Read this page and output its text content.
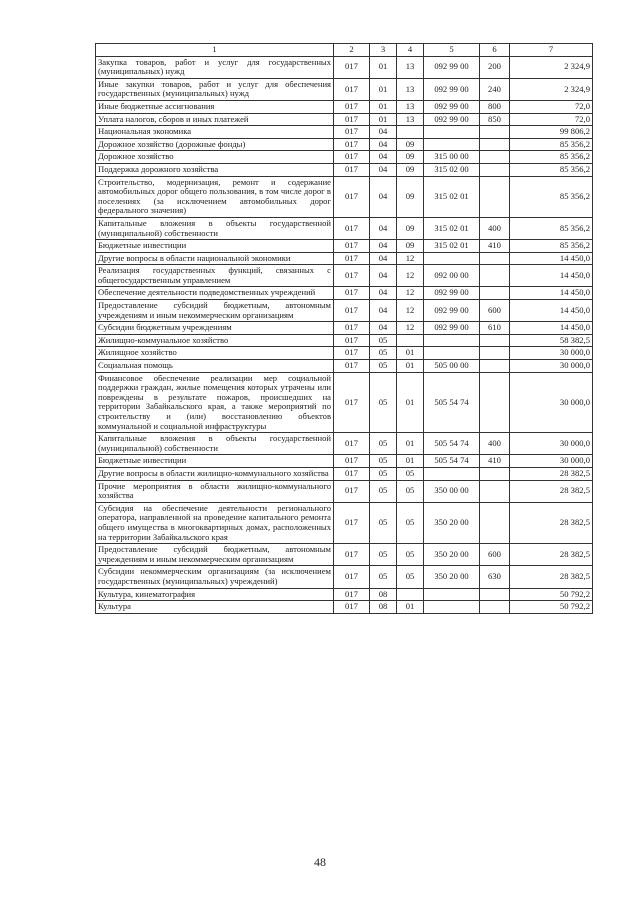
1	2	3	4	5	6	7
Закупка товаров, работ и услуг для государственных (муниципальных) нужд	017	01	13	092 99 00	200	2 324,9
Иные закупки товаров, работ и услуг для обеспечения государственных (муниципальных) нужд	017	01	13	092 99 00	240	2 324,9
Иные бюджетные ассигнования	017	01	13	092 99 00	800	72,0
Уплата налогов, сборов и иных платежей	017	01	13	092 99 00	850	72,0
Национальная экономика	017	04				99 806,2
Дорожное хозяйство (дорожные фонды)	017	04	09			85 356,2
Дорожное хозяйство	017	04	09	315 00 00		85 356,2
Поддержка дорожного хозяйства	017	04	09	315 02 00		85 356,2
Строительство, модернизация, ремонт и содержание автомобильных дорог общего пользования, в том числе дорог в поселениях (за исключением автомобильных дорог федерального значения)	017	04	09	315 02 01		85 356,2
Капитальные вложения в объекты государственной (муниципальной) собственности	017	04	09	315 02 01	400	85 356,2
Бюджетные инвестиции	017	04	09	315 02 01	410	85 356,2
Другие вопросы в области национальной экономики	017	04	12			14 450,0
Реализация государственных функций, связанных с общегосударственным управлением	017	04	12	092 00 00		14 450,0
Обеспечение деятельности подведомственных учреждений	017	04	12	092 99 00		14 450,0
Предоставление субсидий бюджетным, автономным учреждениям и иным некоммерческим организациям	017	04	12	092 99 00	600	14 450,0
Субсидии бюджетным учреждениям	017	04	12	092 99 00	610	14 450,0
Жилищно-коммунальное хозяйство	017	05				58 382,5
Жилищное хозяйство	017	05	01			30 000,0
Социальная помощь	017	05	01	505 00 00		30 000,0
Финансовое обеспечение реализации мер социальной поддержки граждан, жилые помещения которых утрачены или повреждены в результате пожаров, происшедших на территории Забайкальского края, а также мероприятий по строительству и (или) восстановлению объектов коммунальной и социальной инфраструктуры	017	05	01	505 54 74		30 000,0
Капитальные вложения в объекты государственной (муниципальной) собственности	017	05	01	505 54 74	400	30 000,0
Бюджетные инвестиции	017	05	01	505 54 74	410	30 000,0
Другие вопросы в области жилищно-коммунального хозяйства	017	05	05			28 382,5
Прочие мероприятия в области жилищно-коммунального хозяйства	017	05	05	350 00 00		28 382,5
Субсидия на обеспечение деятельности регионального оператора, направленной на проведение капитального ремонта общего имущества в многоквартирных домах, расположенных на территории Забайкальского края	017	05	05	350 20 00		28 382,5
Предоставление субсидий бюджетным, автономным учреждениям и иным некоммерческим организациям	017	05	05	350 20 00	600	28 382,5
Субсидии некоммерческим организациям (за исключением государственных (муниципальных) учреждений)	017	05	05	350 20 00	630	28 382,5
Культура, кинематография	017	08				50 792,2
Культура	017	08	01			50 792,2
48
